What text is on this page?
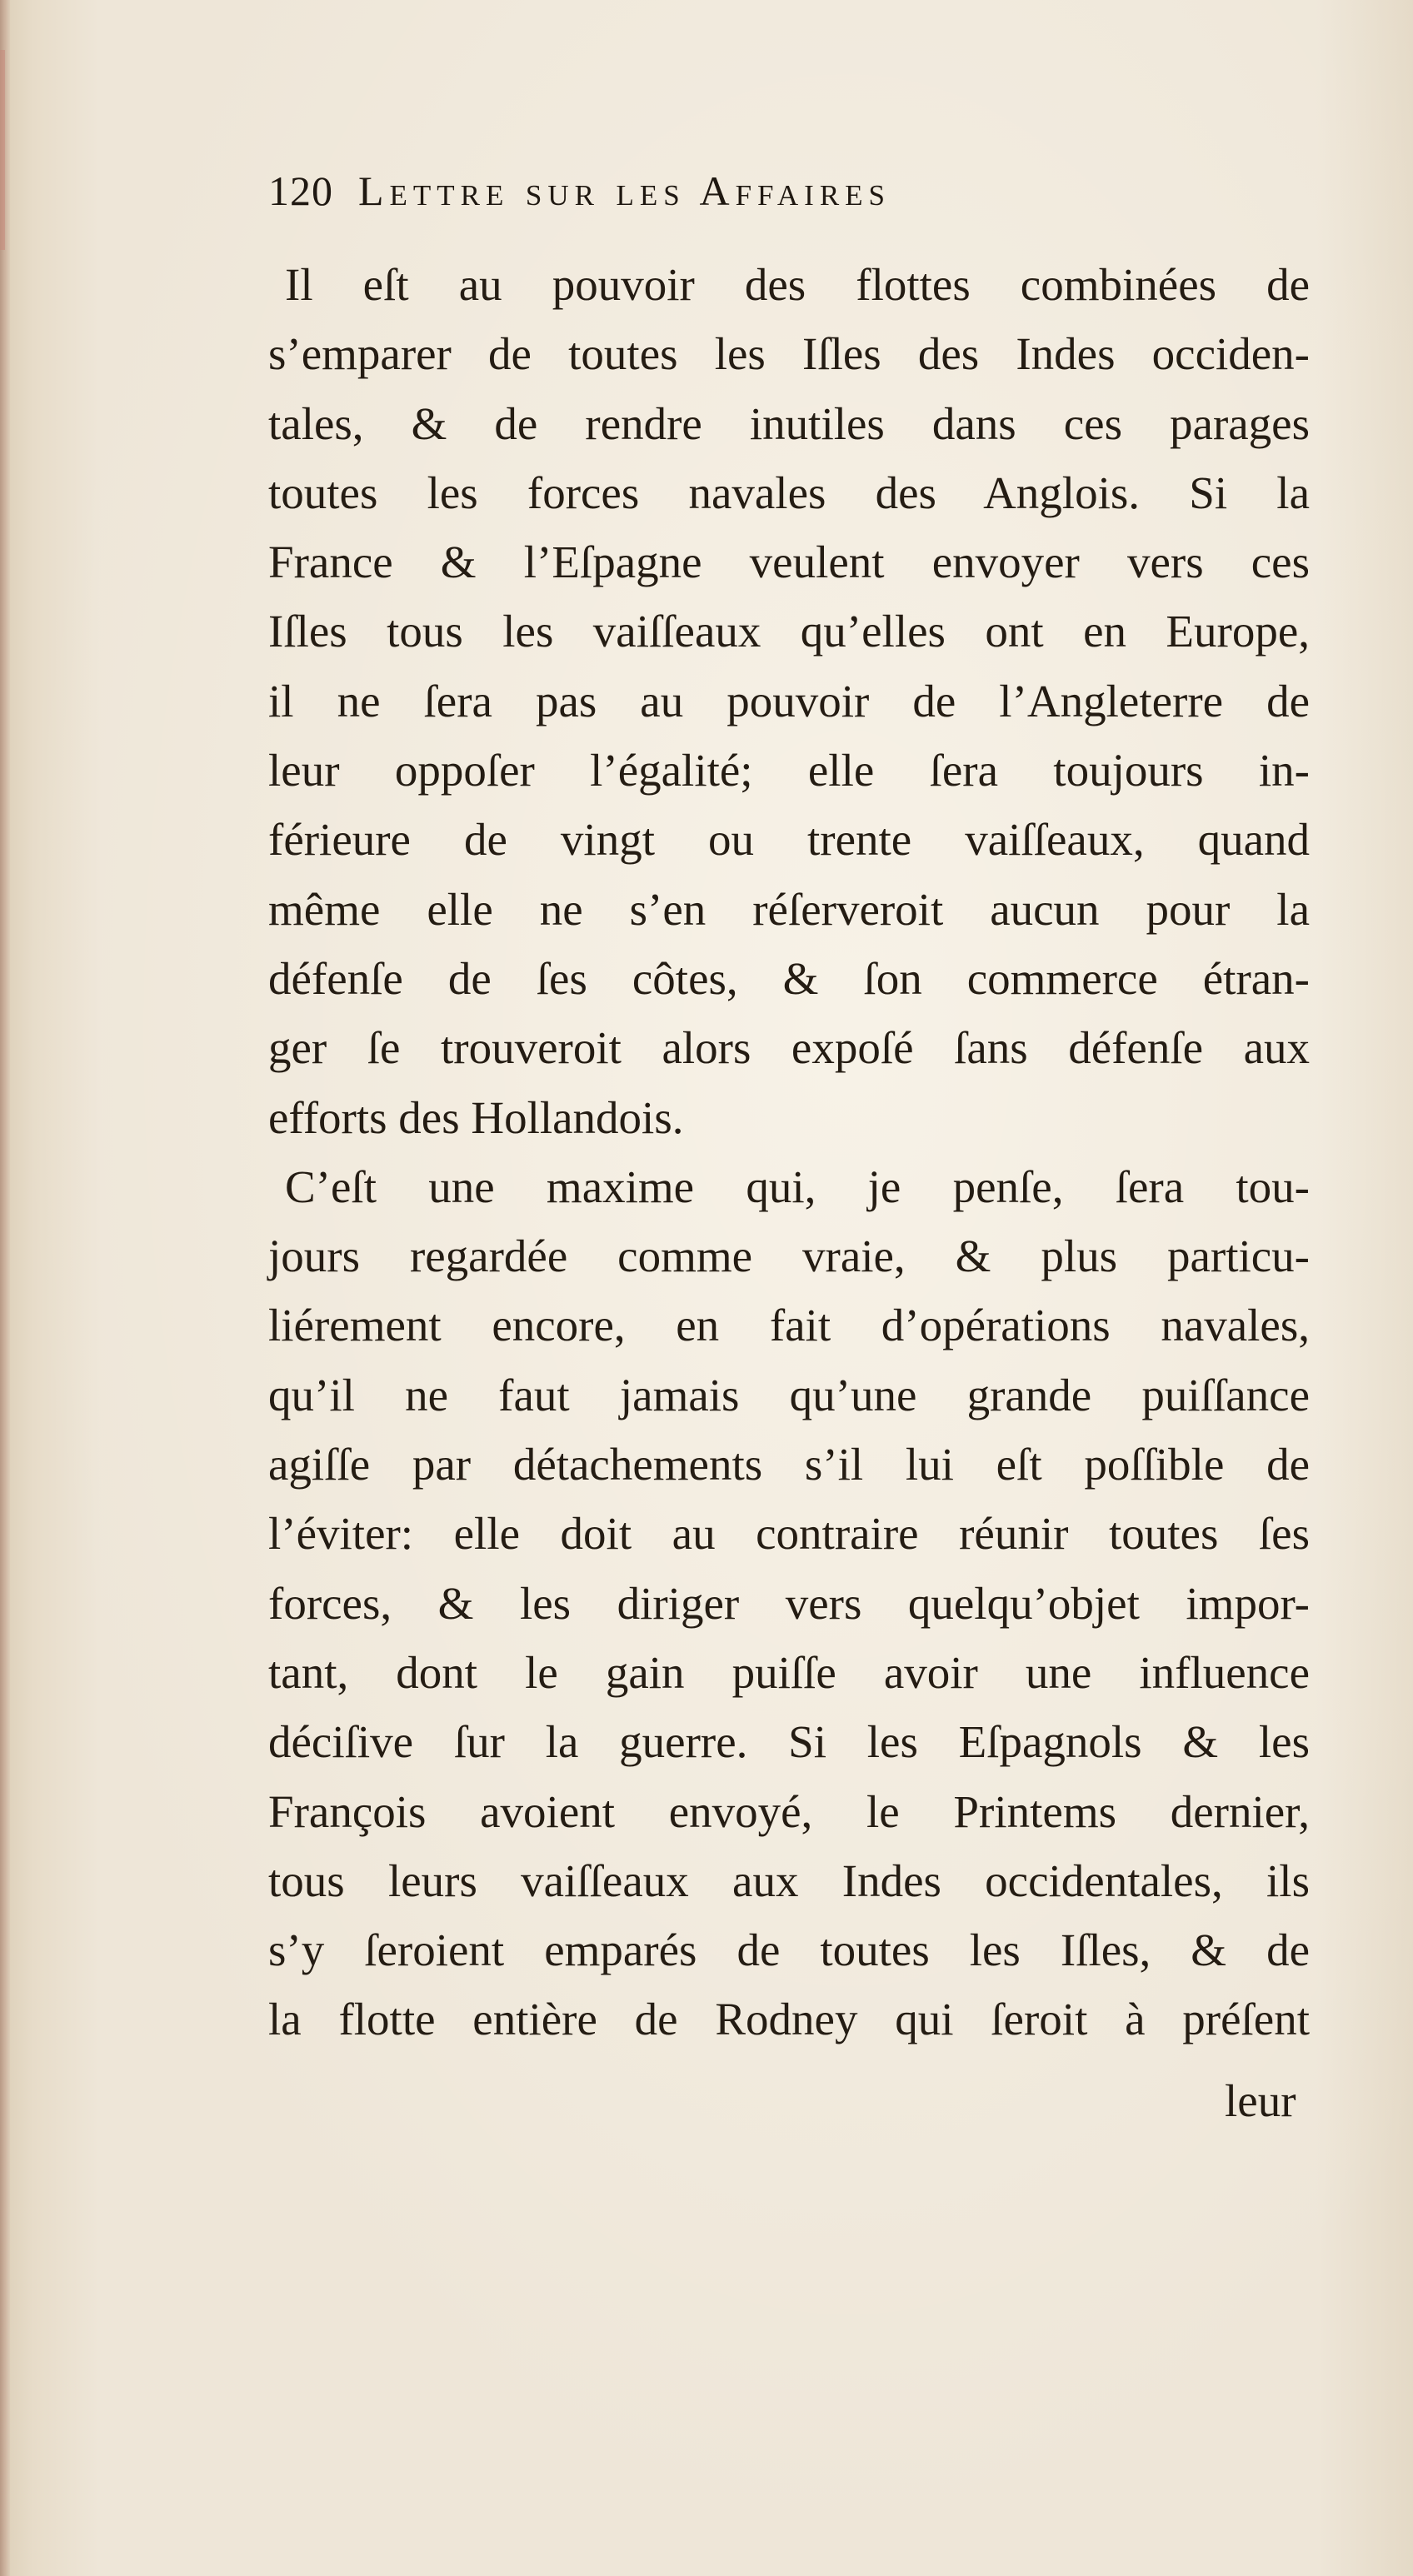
120 Lettre sur les Affaires
Il eſt au pouvoir des flottes combinées de
s’emparer de toutes les Iſles des Indes occiden-
tales, & de rendre inutiles dans ces parages
toutes les forces navales des Anglois. Si la
France & l’Eſpagne veulent envoyer vers ces
Iſles tous les vaiſſeaux qu’elles ont en Europe,
il ne ſera pas au pouvoir de l’Angleterre de
leur oppoſer l’égalité; elle ſera toujours in-
férieure de vingt ou trente vaiſſeaux, quand
même elle ne s’en réſerveroit aucun pour la
défenſe de ſes côtes, & ſon commerce étran-
ger ſe trouveroit alors expoſé ſans défenſe aux
efforts des Hollandois.
C’eſt une maxime qui, je penſe, ſera tou-
jours regardée comme vraie, & plus particu-
liérement encore, en fait d’opérations navales,
qu’il ne faut jamais qu’une grande puiſſance
agiſſe par détachements s’il lui eſt poſſible de
l’éviter: elle doit au contraire réunir toutes ſes
forces, & les diriger vers quelqu’objet impor-
tant, dont le gain puiſſe avoir une influence
déciſive ſur la guerre. Si les Eſpagnols & les
François avoient envoyé, le Printems dernier,
tous leurs vaiſſeaux aux Indes occidentales, ils
s’y ſeroient emparés de toutes les Iſles, & de
la flotte entière de Rodney qui ſeroit à préſent
leur
